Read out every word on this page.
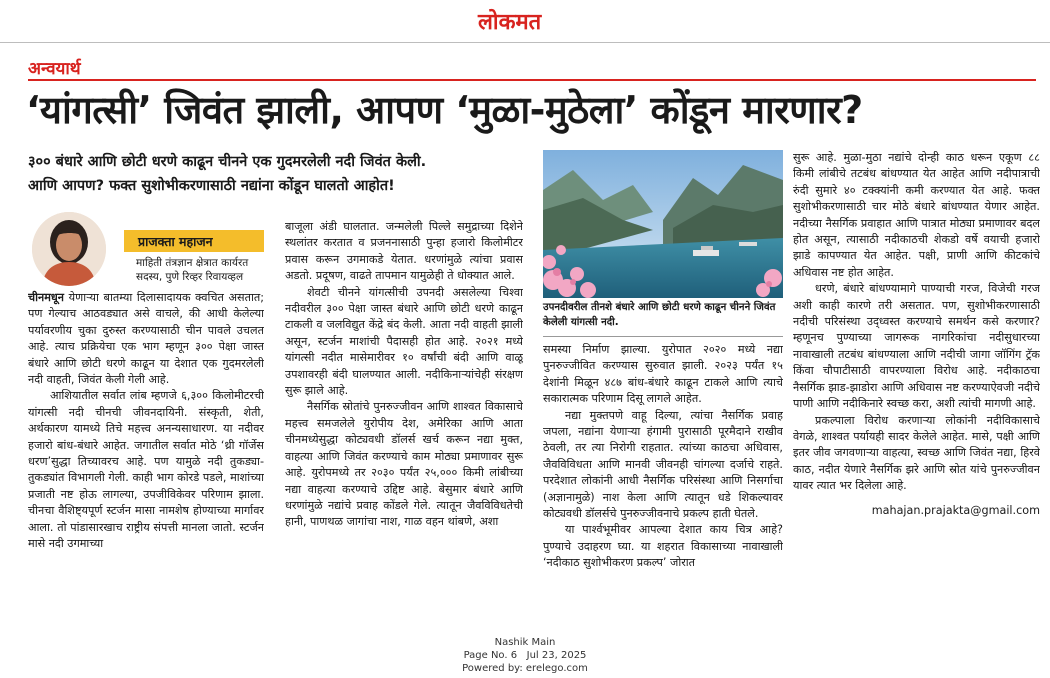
लोकमत
अन्वयार्थ
‘यांगत्सी’ जिवंत झाली, आपण ‘मुळा-मुठेला’ कोंडून मारणार?
३०० बंधारे आणि छोटी धरणे काढून चीनने एक गुदमरलेली नदी जिवंत केली.
आणि आपण? फक्त सुशोभीकरणासाठी नद्यांना कोंडून घालतो आहोत!
प्राजक्ता महाजन
माहिती तंत्रज्ञान क्षेत्रात कार्यरत सदस्य, पुणे रिव्हर रिवायव्हल

चीनमधून येणाऱ्या बातम्या दिलासादायक क्वचित असतात; पण गेल्याच आठवड्यात असे वाचले, की आधी केलेल्या पर्यावरणीय चुका दुरुस्त करण्यासाठी चीन पावले उचलत आहे. त्याच प्रक्रियेचा एक भाग म्हणून ३०० पेक्षा जास्त बंधारे आणि छोटी धरणे काढून या देशात एक गुदमरलेली नदी वाहती, जिवंत केली गेली आहे.

आशियातील सर्वात लांब म्हणजे ६,३०० किलोमीटरची यांगत्सी नदी चीनची जीवनदायिनी. संस्कृती, शेती, अर्थकारण यामध्ये तिचे महत्त्व अनन्यसाधारण. या नदीवर हजारो बांध-बंधारे आहेत. जगातील सर्वात मोठे ‘थ्री गॉर्जेस धरण’सुद्धा तिच्यावरच आहे. पण यामुळे नदी तुकड्या-तुकड्यांत विभागली गेली. काही भाग कोरडे पडले, माशांच्या प्रजाती नष्ट होऊ लागल्या, उपजीविकेवर परिणाम झाला. चीनचा वैशिष्ट्यपूर्ण स्टर्जन मासा नामशेष होण्याच्या मार्गावर आला. तो पांडासारखाच राष्ट्रीय संपत्ती मानला जातो. स्टर्जन मासे नदी उगमाच्या

बाजूला अंडी घालतात. जन्मलेली पिल्ले समुद्राच्या दिशेने स्थलांतर करतात व प्रजननासाठी पुन्हा हजारो किलोमीटर प्रवास करून उगमाकडे येतात. धरणांमुळे त्यांचा प्रवास अडतो. प्रदूषण, वाढते तापमान यामुळेही ते धोक्यात आले.

शेवटी चीनने यांगत्सीची उपनदी असलेल्या चिश्वा नदीवरील ३०० पेक्षा जास्त बंधारे आणि छोटी धरणे काढून टाकली व जलविद्युत केंद्रे बंद केली. आता नदी वाहती झाली असून, स्टर्जन माशांची पैदासही होत आहे. २०२१ मध्ये यांगत्सी नदीत मासेमारीवर १० वर्षांची बंदी आणि वाळू उपशावरही बंदी घालण्यात आली. नदीकिनाऱ्यांचेही संरक्षण सुरू झाले आहे.

नैसर्गिक स्रोतांचे पुनरुज्जीवन आणि शाश्वत विकासाचे महत्त्व समजलेले युरोपीय देश, अमेरिका आणि आता चीनमध्येसुद्धा कोट्यवधी डॉलर्स खर्च करून नद्या मुक्त, वाहत्या आणि जिवंत करण्याचे काम मोठ्या प्रमाणावर सुरू आहे. युरोपमध्ये तर २०३० पर्यंत २५,००० किमी लांबीच्या नद्या वाहत्या करण्याचे उद्दिष्ट आहे. बेसुमार बंधारे आणि धरणांमुळे नद्यांचे प्रवाह कोंडले गेले. त्यातून जैवविविधतेची हानी, पाणथळ जागांचा नाश, गाळ वहन थांबणे, अशा

उपनदीवरील तीनशे बंधारे आणि छोटी धरणे काढून चीनने जिवंत केलेली यांगत्सी नदी.

समस्या निर्माण झाल्या. युरोपात २०२० मध्ये नद्या पुनरुज्जीवित करण्यास सुरुवात झाली. २०२३ पर्यंत १५ देशांनी मिळून ४८७ बांध-बंधारे काढून टाकले आणि त्याचे सकारात्मक परिणाम दिसू लागले आहेत.

नद्या मुक्तपणे वाहू दिल्या, त्यांचा नैसर्गिक प्रवाह जपला, नद्यांना येणाऱ्या हंगामी पुरासाठी पूरमैदाने राखीव ठेवली, तर त्या निरोगी राहतात. त्यांच्या काठचा अधिवास, जैवविविधता आणि मानवी जीवनही चांगल्या दर्जाचे राहते. परदेशात लोकांनी आधी नैसर्गिक परिसंस्था आणि निसर्गाचा (अज्ञानामुळे) नाश केला आणि त्यातून धडे शिकल्यावर कोट्यवधी डॉलर्सचे पुनरुज्जीवनाचे प्रकल्प हाती घेतले.

या पार्श्वभूमीवर आपल्या देशात काय चित्र आहे? पुण्याचे उदाहरण घ्या. या शहरात विकासाच्या नावाखाली ‘नदीकाठ सुशोभीकरण प्रकल्प’ जोरात

सुरू आहे. मुळा-मुठा नद्यांचे दोन्ही काठ धरून एकूण ८८ किमी लांबीचे तटबंध बांधण्यात येत आहेत आणि नदीपात्राची रुंदी सुमारे ४० टक्क्यांनी कमी करण्यात येत आहे. फक्त सुशोभीकरणासाठी चार मोठे बंधारे बांधण्यात येणार आहेत. नदीच्या नैसर्गिक प्रवाहात आणि पात्रात मोठ्या प्रमाणावर बदल होत असून, त्यासाठी नदीकाठची शेकडो वर्षे वयाची हजारो झाडे कापण्यात येत आहेत. पक्षी, प्राणी आणि कीटकांचे अधिवास नष्ट होत आहेत.

धरणे, बंधारे बांधण्यामागे पाण्याची गरज, विजेची गरज अशी काही कारणे तरी असतात. पण, सुशोभीकरणासाठी नदीची परिसंस्था उद्ध्वस्त करण्याचे समर्थन कसे करणार? म्हणूनच पुण्याच्या जागरूक नागरिकांचा नदीसुधारच्या नावाखाली तटबंध बांधण्याला आणि नदीची जागा जॉगिंग ट्रॅक किंवा चौपाटीसाठी वापरण्याला विरोध आहे. नदीकाठचा नैसर्गिक झाड-झाडोरा आणि अधिवास नष्ट करण्याऐवजी नदीचे पाणी आणि नदीकिनारे स्वच्छ करा, अशी त्यांची मागणी आहे.

प्रकल्पाला विरोध करणाऱ्या लोकांनी नदीविकासाचे वेगळे, शाश्वत पर्यायही सादर केलेले आहेत. मासे, पक्षी आणि इतर जीव जगवणाऱ्या वाहत्या, स्वच्छ आणि जिवंत नद्या, हिरवे काठ, नदीत येणारे नैसर्गिक झरे आणि स्रोत यांचे पुनरुज्जीवन यावर त्यात भर दिलेला आहे.

mahajan.prajakta@gmail.com

Nashik Main
Page No. 6 Jul 23, 2025
Powered by: erelego.com
